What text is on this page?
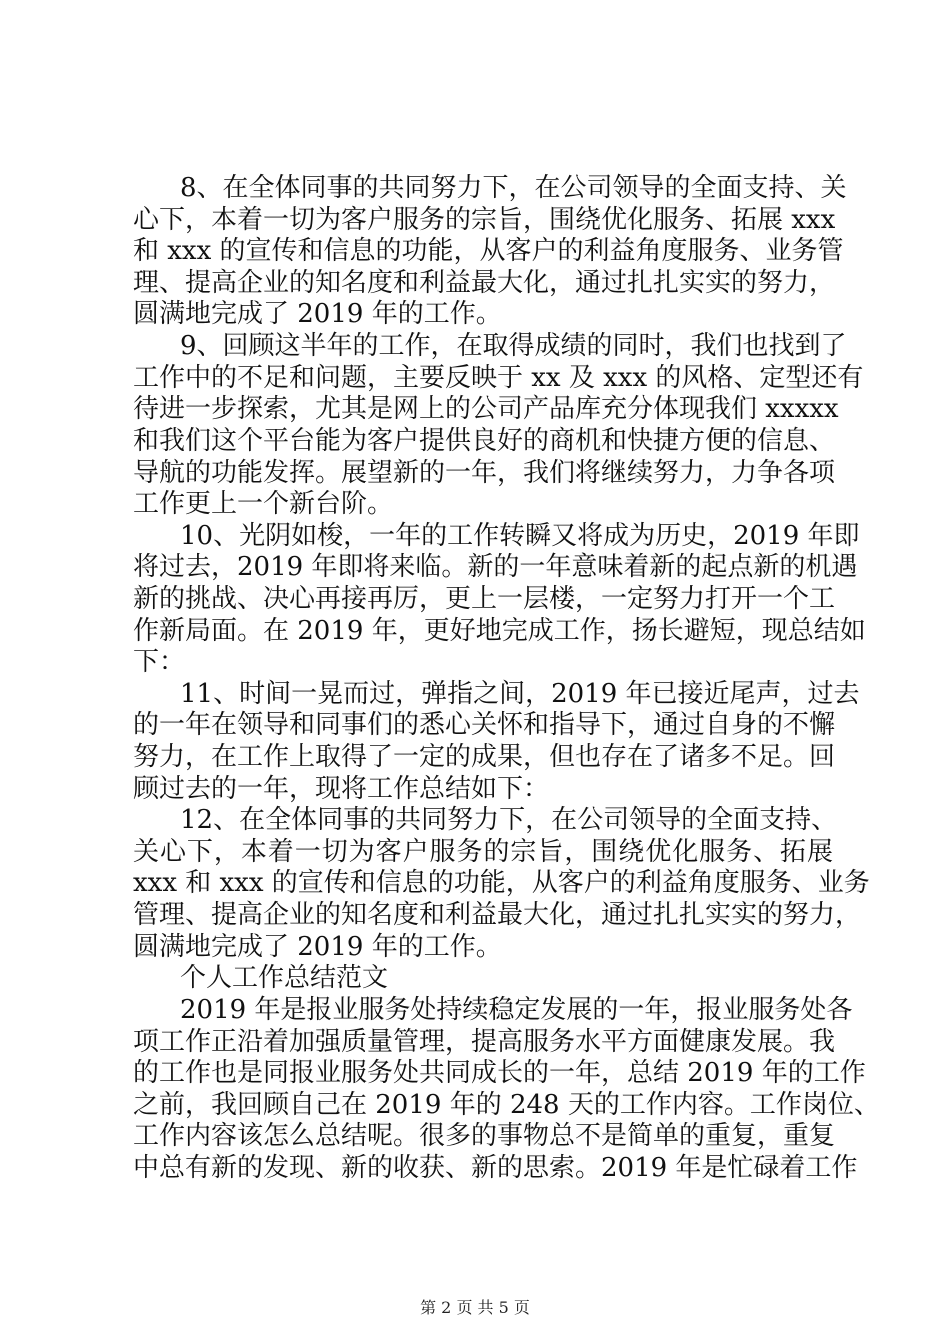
8、在全体同事的共同努力下，在公司领导的全面支持、关
心下，本着一切为客户服务的宗旨，围绕优化服务、拓展 xxx
和 xxx 的宣传和信息的功能，从客户的利益角度服务、业务管
理、提高企业的知名度和利益最大化，通过扎扎实实的努力，
圆满地完成了 2019 年的工作。
9、回顾这半年的工作，在取得成绩的同时，我们也找到了
工作中的不足和问题，主要反映于 xx 及 xxx 的风格、定型还有
待进一步探索，尤其是网上的公司产品库充分体现我们 xxxxx
和我们这个平台能为客户提供良好的商机和快捷方便的信息、
导航的功能发挥。展望新的一年，我们将继续努力，力争各项
工作更上一个新台阶。
10、光阴如梭，一年的工作转瞬又将成为历史，2019 年即
将过去，2019 年即将来临。新的一年意味着新的起点新的机遇
新的挑战、决心再接再厉，更上一层楼，一定努力打开一个工
作新局面。在 2019 年，更好地完成工作，扬长避短，现总结如
下：
11、时间一晃而过，弹指之间，2019 年已接近尾声，过去
的一年在领导和同事们的悉心关怀和指导下，通过自身的不懈
努力，在工作上取得了一定的成果，但也存在了诸多不足。回
顾过去的一年，现将工作总结如下：
12、在全体同事的共同努力下，在公司领导的全面支持、
关心下，本着一切为客户服务的宗旨，围绕优化服务、拓展
xxx 和 xxx 的宣传和信息的功能，从客户的利益角度服务、业务
管理、提高企业的知名度和利益最大化，通过扎扎实实的努力，
圆满地完成了 2019 年的工作。
个人工作总结范文
2019 年是报业服务处持续稳定发展的一年，报业服务处各
项工作正沿着加强质量管理，提高服务水平方面健康发展。我
的工作也是同报业服务处共同成长的一年，总结 2019 年的工作
之前，我回顾自己在 2019 年的 248 天的工作内容。工作岗位、
工作内容该怎么总结呢。很多的事物总不是简单的重复，重复
中总有新的发现、新的收获、新的思索。2019 年是忙碌着工作
第 2 页 共 5 页
